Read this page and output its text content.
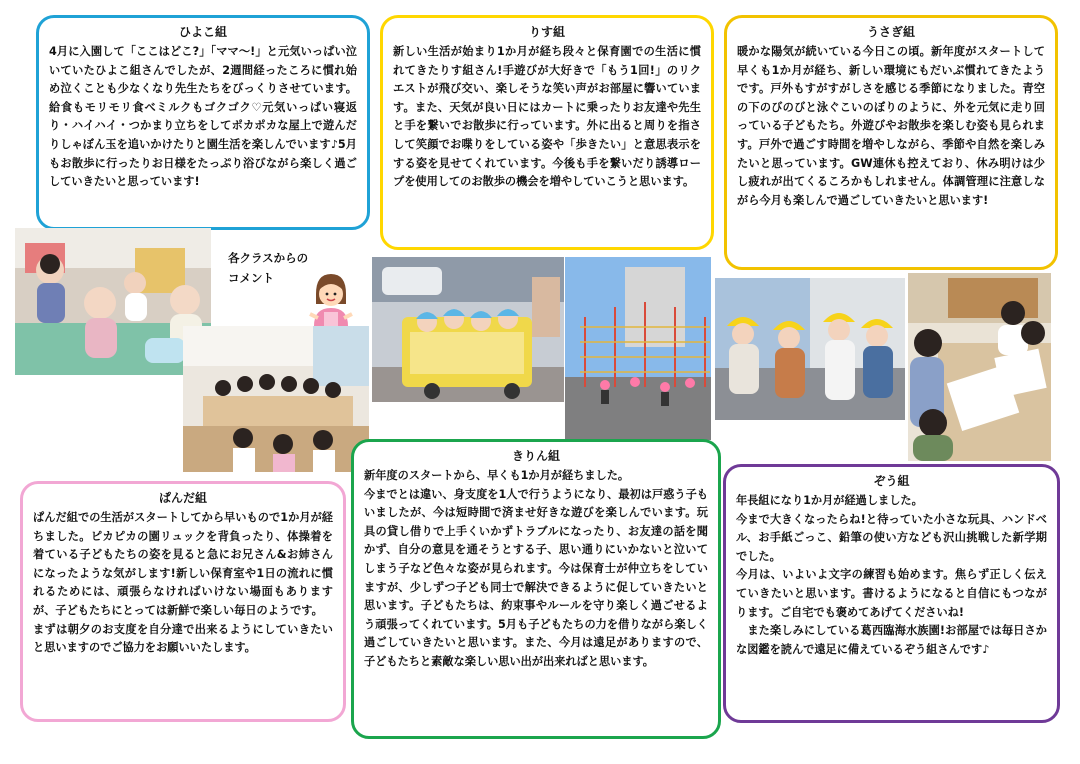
ひよこ組

4月に入園して「ここはどこ?」「ママ～!」と元気いっぱい泣いていたひよこ組さんでしたが、2週間経ったころに慣れ始め泣くことも少なくなり先生たちをびっくりさせています。給食もモリモリ食べミルクもゴクゴク♡元気いっぱい寝返り・ハイハイ・つかまり立ちをしてポカポカな屋上で遊んだりしゃぼん玉を追いかけたりと園生活を楽しんでいます♪5月もお散歩に行ったりお日様をたっぷり浴びながら楽しく過ごしていきたいと思っています!

りす組

新しい生活が始まり1か月が経ち段々と保育園での生活に慣れてきたりす組さん!手遊びが大好きで「もう1回!」のリクエストが飛び交い、楽しそうな笑い声がお部屋に響いています。また、天気が良い日にはカートに乗ったりお友達や先生と手を繋いでお散歩に行っています。外に出ると周りを指さして笑顔でお喋りをしている姿や「歩きたい」と意思表示をする姿を見せてくれています。今後も手を繋いだり誘導ロープを使用してのお散歩の機会を増やしていこうと思います。

うさぎ組

暖かな陽気が続いている今日この頃。新年度がスタートして早くも1か月が経ち、新しい環境にもだいぶ慣れてきたようです。戸外もすがすがしさを感じる季節になりました。青空の下のびのびと泳ぐこいのぼりのように、外を元気に走り回っている子どもたち。外遊びやお散歩を楽しむ姿も見られます。戸外で過ごす時間を増やしながら、季節や自然を楽しみたいと思っています。GW連休も控えており、休み明けは少し疲れが出てくるころかもしれません。体調管理に注意しながら今月も楽しんで過ごしていきたいと思います!

各クラスからの
コメント
ぱんだ組

ぱんだ組での生活がスタートしてから早いもので1か月が経ちました。ピカピカの園リュックを背負ったり、体操着を着ている子どもたちの姿を見ると急にお兄さん&お姉さんになったような気がします!新しい保育室や1日の流れに慣れるためには、頑張らなければいけない場面もありますが、子どもたちにとっては新鮮で楽しい毎日のようです。

まずは朝夕のお支度を自分達で出来るようにしていきたいと思いますのでご協力をお願いいたします。

きりん組

新年度のスタートから、早くも1か月が経ちました。

今までとは違い、身支度を1人で行うようになり、最初は戸惑う子もいましたが、今は短時間で済ませ好きな遊びを楽しんでいます。玩具の貸し借りで上手くいかずトラブルになったり、お友達の話を聞かず、自分の意見を通そうとする子、思い通りにいかないと泣いてしまう子など色々な姿が見られます。今は保育士が仲立ちをしていますが、少しずつ子ども同士で解決できるように促していきたいと思います。子どもたちは、約束事やルールを守り楽しく過ごせるよう頑張ってくれています。5月も子どもたちの力を借りながら楽しく過ごしていきたいと思います。また、今月は遠足がありますので、子どもたちと素敵な楽しい思い出が出来ればと思います。

ぞう組

年長組になり1か月が経過しました。

今まで大きくなったらね!と待っていた小さな玩具、ハンドベル、お手紙ごっこ、鉛筆の使い方なども沢山挑戦した新学期でした。

今月は、いよいよ文字の練習も始めます。焦らず正しく伝えていきたいと思います。書けるようになると自信にもつながります。ご自宅でも褒めてあげてくださいね!

　また楽しみにしている葛西臨海水族園!お部屋では毎日さかな図鑑を読んで遠足に備えているぞう組さんです♪
